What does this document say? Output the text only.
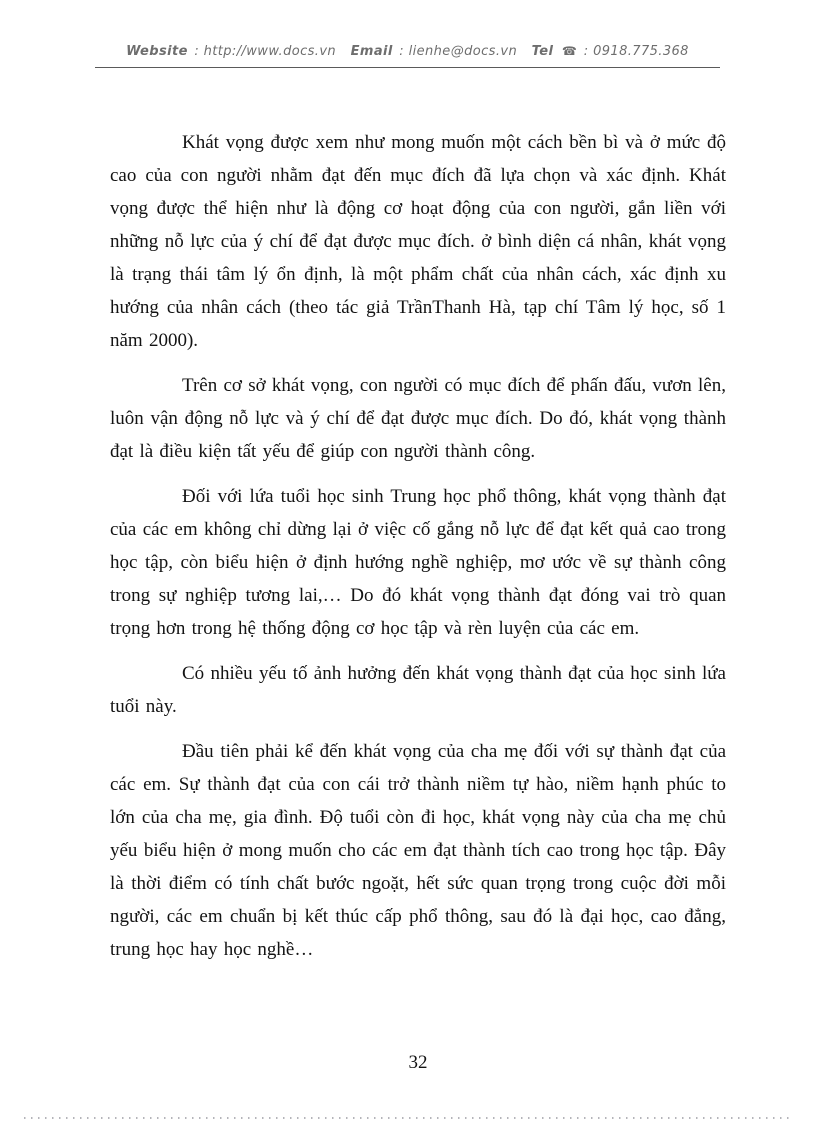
Website : http://www.docs.vn Email : lienhe@docs.vn Tel ☎ : 0918.775.368

Khát vọng được xem như mong muốn một cách bền bì và ở mức độ cao của con người nhằm đạt đến mục đích đã lựa chọn và xác định. Khát vọng được thể hiện như là động cơ hoạt động của con người, gắn liền với những nỗ lực của ý chí để đạt được mục đích. ở bình diện cá nhân, khát vọng là trạng thái tâm lý ổn định, là một phẩm chất của nhân cách, xác định xu hướng của nhân cách (theo tác giả TrầnThanh Hà, tạp chí Tâm lý học, số 1 năm 2000).

Trên cơ sở khát vọng, con người có mục đích để phấn đấu, vươn lên, luôn vận động nỗ lực và ý chí để đạt được mục đích. Do đó, khát vọng thành đạt là điều kiện tất yếu để giúp con người thành công.

Đối với lứa tuổi học sinh Trung học phổ thông, khát vọng thành đạt của các em không chỉ dừng lại ở việc cố gắng nỗ lực để đạt kết quả cao trong học tập, còn biểu hiện ở định hướng nghề nghiệp, mơ ước về sự thành công trong sự nghiệp tương lai,… Do đó khát vọng thành đạt đóng vai trò quan trọng hơn trong hệ thống động cơ học tập và rèn luyện của các em.

Có nhiều yếu tố ảnh hưởng đến khát vọng thành đạt của học sinh lứa tuổi này.

Đầu tiên phải kể đến khát vọng của cha mẹ đối với sự thành đạt của các em. Sự thành đạt của con cái trở thành niềm tự hào, niềm hạnh phúc to lớn của cha mẹ, gia đình. Độ tuổi còn đi học, khát vọng này của cha mẹ chủ yếu biểu hiện ở mong muốn cho các em đạt thành tích cao trong học tập. Đây là thời điểm có tính chất bước ngoặt, hết sức quan trọng trong cuộc đời mỗi người, các em chuẩn bị kết thúc cấp phổ thông, sau đó là đại học, cao đẳng, trung học hay học nghề…

32
